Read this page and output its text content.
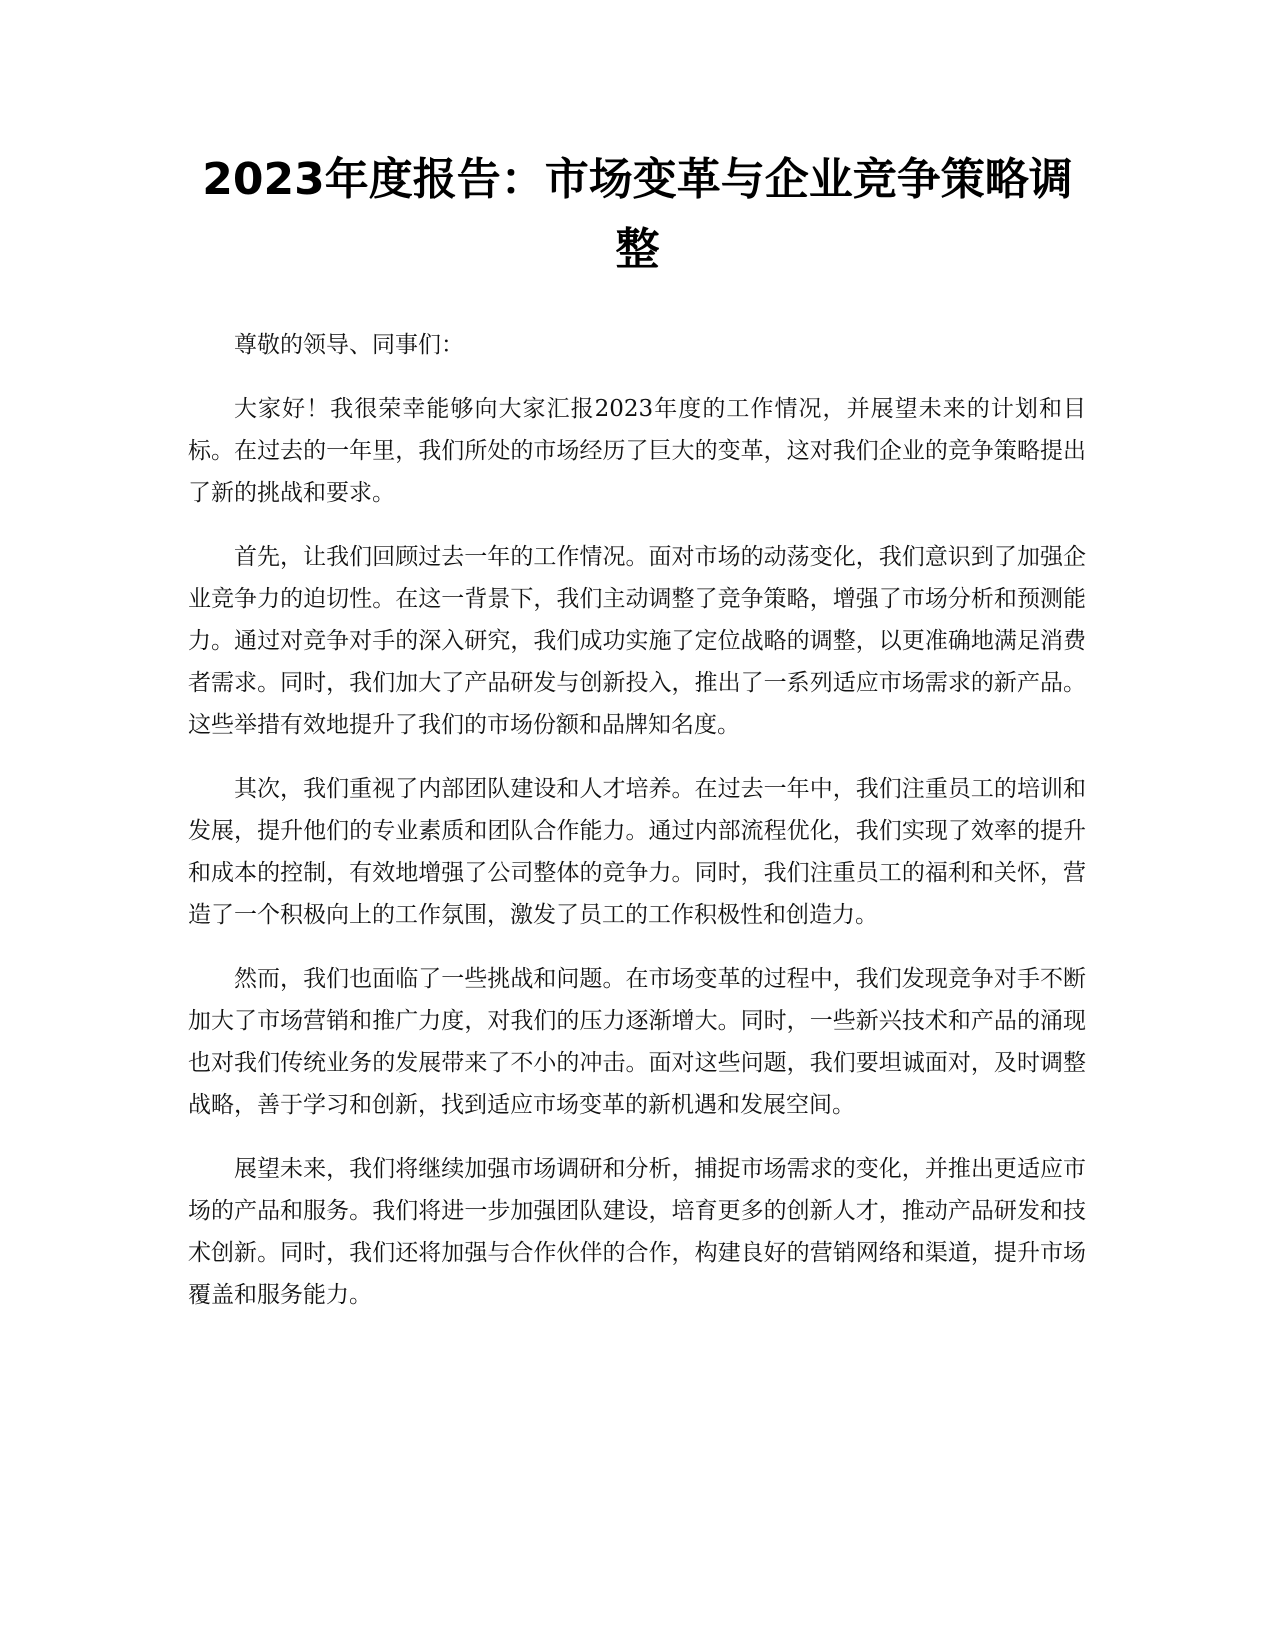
2023年度报告：市场变革与企业竞争策略调整

尊敬的领导、同事们：

大家好！我很荣幸能够向大家汇报2023年度的工作情况，并展望未来的计划和目标。在过去的一年里，我们所处的市场经历了巨大的变革，这对我们企业的竞争策略提出了新的挑战和要求。

首先，让我们回顾过去一年的工作情况。面对市场的动荡变化，我们意识到了加强企业竞争力的迫切性。在这一背景下，我们主动调整了竞争策略，增强了市场分析和预测能力。通过对竞争对手的深入研究，我们成功实施了定位战略的调整，以更准确地满足消费者需求。同时，我们加大了产品研发与创新投入，推出了一系列适应市场需求的新产品。这些举措有效地提升了我们的市场份额和品牌知名度。

其次，我们重视了内部团队建设和人才培养。在过去一年中，我们注重员工的培训和发展，提升他们的专业素质和团队合作能力。通过内部流程优化，我们实现了效率的提升和成本的控制，有效地增强了公司整体的竞争力。同时，我们注重员工的福利和关怀，营造了一个积极向上的工作氛围，激发了员工的工作积极性和创造力。

然而，我们也面临了一些挑战和问题。在市场变革的过程中，我们发现竞争对手不断加大了市场营销和推广力度，对我们的压力逐渐增大。同时，一些新兴技术和产品的涌现也对我们传统业务的发展带来了不小的冲击。面对这些问题，我们要坦诚面对，及时调整战略，善于学习和创新，找到适应市场变革的新机遇和发展空间。

展望未来，我们将继续加强市场调研和分析，捕捉市场需求的变化，并推出更适应市场的产品和服务。我们将进一步加强团队建设，培育更多的创新人才，推动产品研发和技术创新。同时，我们还将加强与合作伙伴的合作，构建良好的营销网络和渠道，提升市场覆盖和服务能力。
